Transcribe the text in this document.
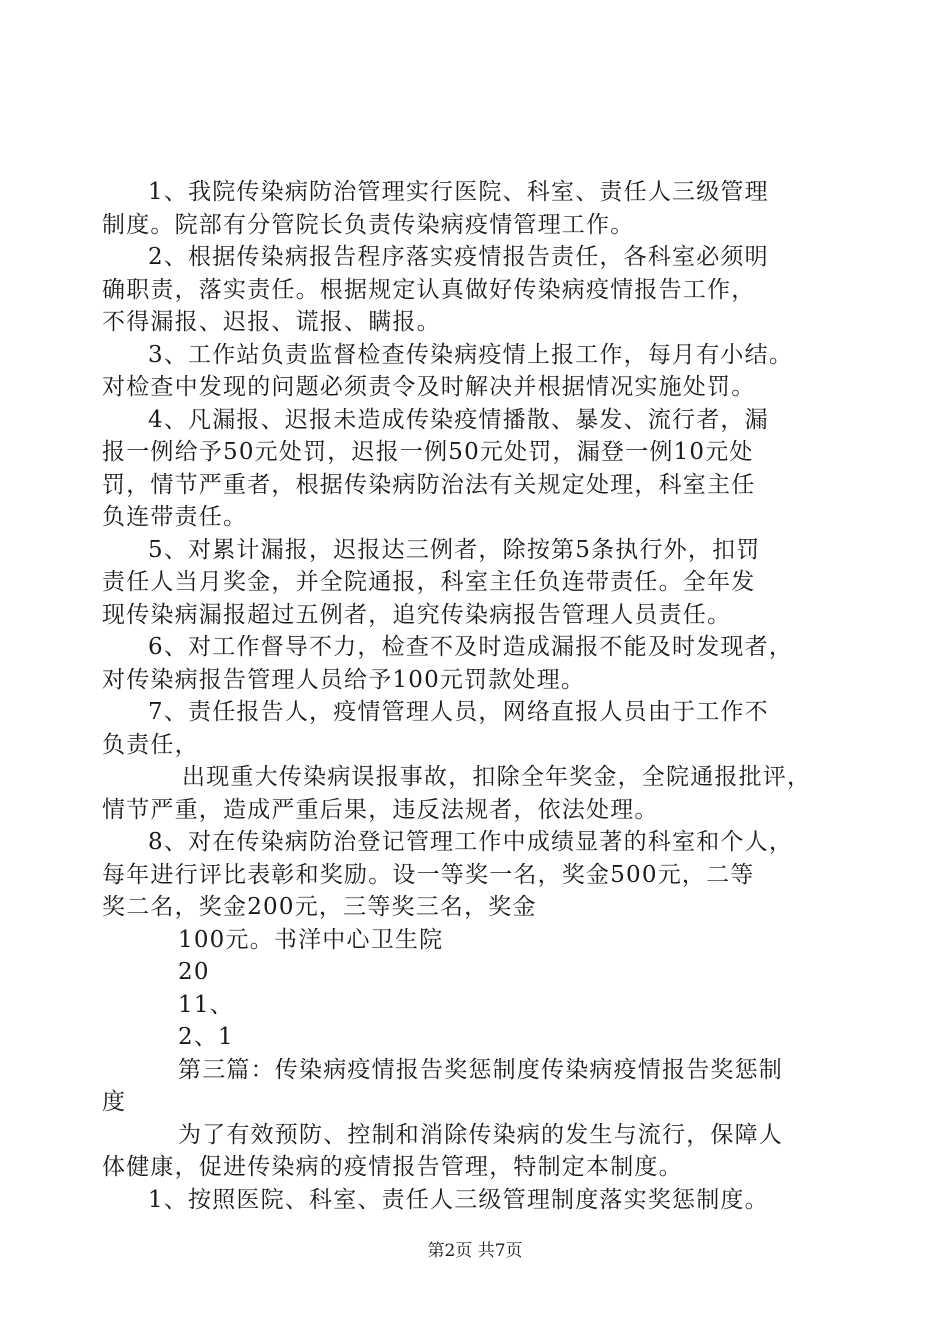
1、我院传染病防治管理实行医院、科室、责任人三级管理
制度。院部有分管院长负责传染病疫情管理工作。
2、根据传染病报告程序落实疫情报告责任，各科室必须明
确职责，落实责任。根据规定认真做好传染病疫情报告工作，
不得漏报、迟报、谎报、瞒报。
3、工作站负责监督检查传染病疫情上报工作，每月有小结。
对检查中发现的问题必须责令及时解决并根据情况实施处罚。
4、凡漏报、迟报未造成传染疫情播散、暴发、流行者，漏
报一例给予50元处罚，迟报一例50元处罚，漏登一例10元处
罚，情节严重者，根据传染病防治法有关规定处理，科室主任
负连带责任。
5、对累计漏报，迟报达三例者，除按第5条执行外，扣罚
责任人当月奖金，并全院通报，科室主任负连带责任。全年发
现传染病漏报超过五例者，追究传染病报告管理人员责任。
6、对工作督导不力，检查不及时造成漏报不能及时发现者，
对传染病报告管理人员给予100元罚款处理。
7、责任报告人，疫情管理人员，网络直报人员由于工作不
负责任，
出现重大传染病误报事故，扣除全年奖金，全院通报批评，
情节严重，造成严重后果，违反法规者，依法处理。
8、对在传染病防治登记管理工作中成绩显著的科室和个人，
每年进行评比表彰和奖励。设一等奖一名，奖金500元，二等
奖二名，奖金200元，三等奖三名，奖金
100元。书洋中心卫生院
20
11、
2、1
第三篇：传染病疫情报告奖惩制度传染病疫情报告奖惩制
度
为了有效预防、控制和消除传染病的发生与流行，保障人
体健康，促进传染病的疫情报告管理，特制定本制度。
1、按照医院、科室、责任人三级管理制度落实奖惩制度。
第2页 共7页
